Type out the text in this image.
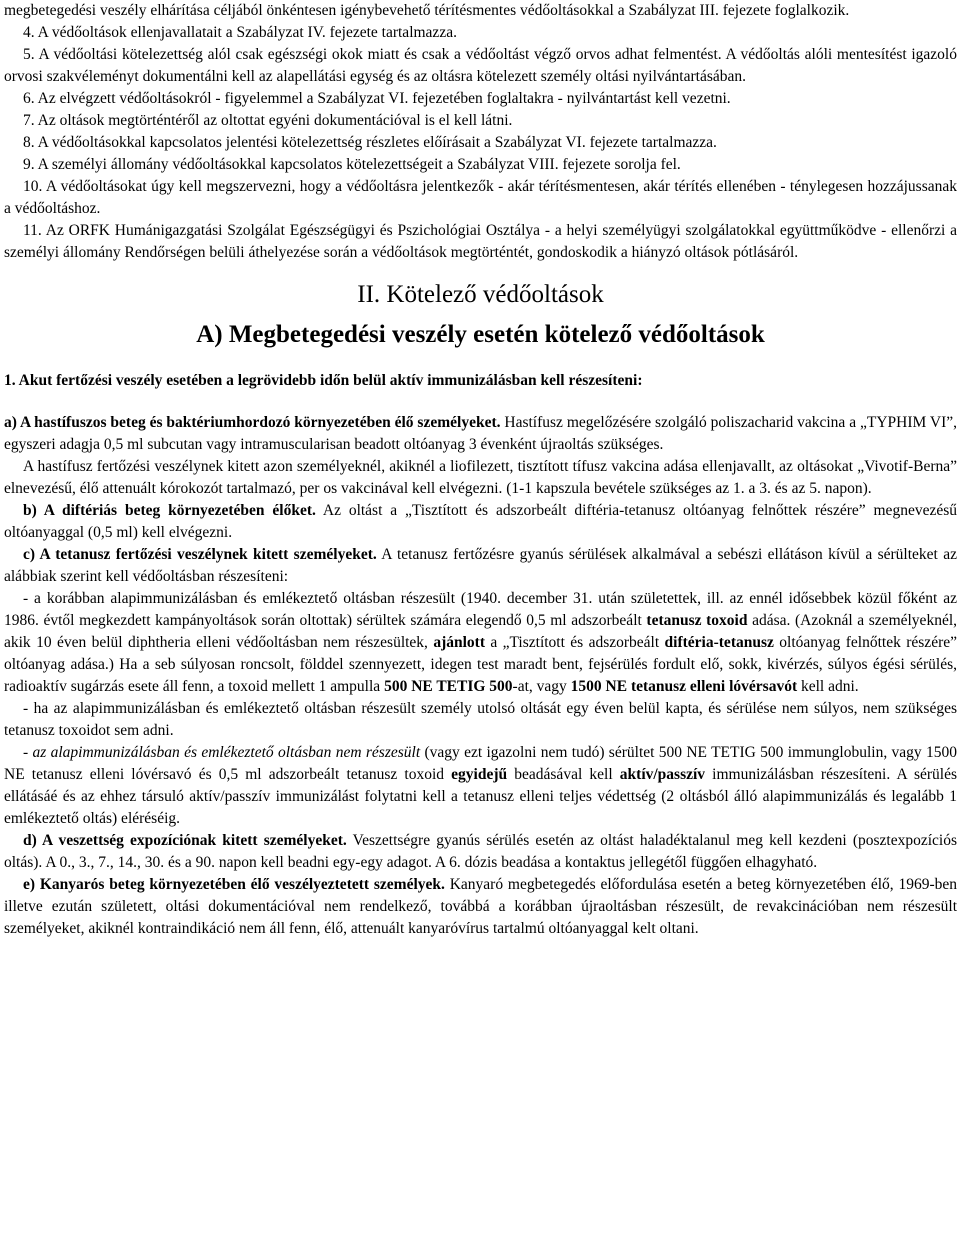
megbetegedési veszély elhárítása céljából önkéntesen igénybevehető térítésmentes védőoltásokkal a Szabályzat III. fejezete foglalkozik.

4. A védőoltások ellenjavallatait a Szabályzat IV. fejezete tartalmazza.

5. A védőoltási kötelezettség alól csak egészségi okok miatt és csak a védőoltást végző orvos adhat felmentést. A védőoltás alóli mentesítést igazoló orvosi szakvéleményt dokumentálni kell az alapellátási egység és az oltásra kötelezett személy oltási nyilvántartásában.

6. Az elvégzett védőoltásokról - figyelemmel a Szabályzat VI. fejezetében foglaltakra - nyilvántartást kell vezetni.

7. Az oltások megtörténtéről az oltottat egyéni dokumentációval is el kell látni.

8. A védőoltásokkal kapcsolatos jelentési kötelezettség részletes előírásait a Szabályzat VI. fejezete tartalmazza.

9. A személyi állomány védőoltásokkal kapcsolatos kötelezettségeit a Szabályzat VIII. fejezete sorolja fel.

10. A védőoltásokat úgy kell megszervezni, hogy a védőoltásra jelentkezők - akár térítésmentesen, akár térítés ellenében - ténylegesen hozzájussanak a védőoltáshoz.

11. Az ORFK Humánigazgatási Szolgálat Egészségügyi és Pszichológiai Osztálya - a helyi személyügyi szolgálatokkal együttműködve - ellenőrzi a személyi állomány Rendőrségen belüli áthelyezése során a védőoltások megtörténtét, gondoskodik a hiányzó oltások pótlásáról.

II. Kötelező védőoltások
A) Megbetegedési veszély esetén kötelező védőoltások

1. Akut fertőzési veszély esetében a legrövidebb időn belül aktív immunizálásban kell részesíteni:

a) A hastífuszos beteg és baktériumhordozó környezetében élő személyeket. Hastífusz megelőzésére szolgáló poliszacharid vakcina a „TYPHIM VI”, egyszeri adagja 0,5 ml subcutan vagy intramuscularisan beadott oltóanyag 3 évenként újraoltás szükséges.

A hastífusz fertőzési veszélynek kitett azon személyeknél, akiknél a liofilezett, tisztított tífusz vakcina adása ellenjavallt, az oltásokat „Vivotif-Berna” elnevezésű, élő attenuált kórokozót tartalmazó, per os vakcinával kell elvégezni. (1-1 kapszula bevétele szükséges az 1. a 3. és az 5. napon).

b) A diftériás beteg környezetében élőket. Az oltást a „Tisztított és adszorbeált diftéria-tetanusz oltóanyag felnőttek részére” megnevezésű oltóanyaggal (0,5 ml) kell elvégezni.

c) A tetanusz fertőzési veszélynek kitett személyeket. A tetanusz fertőzésre gyanús sérülések alkalmával a sebészi ellátáson kívül a sérülteket az alábbiak szerint kell védőoltásban részesíteni:

- a korábban alapimmunizálásban és emlékeztető oltásban részesült (1940. december 31. után születettek, ill. az ennél idősebbek közül főként az 1986. évtől megkezdett kampányoltások során oltottak) sérültek számára elegendő 0,5 ml adszorbeált tetanusz toxoid adása. (Azoknál a személyeknél, akik 10 éven belül diphtheria elleni védőoltásban nem részesültek, ajánlott a „Tisztított és adszorbeált diftéria-tetanusz oltóanyag felnőttek részére” oltóanyag adása.) Ha a seb súlyosan roncsolt, földdel szennyezett, idegen test maradt bent, fejsérülés fordult elő, sokk, kivérzés, súlyos égési sérülés, radioaktív sugárzás esete áll fenn, a toxoid mellett 1 ampulla 500 NE TETIG 500-at, vagy 1500 NE tetanusz elleni lóvérsavót kell adni.

- ha az alapimmunizálásban és emlékeztető oltásban részesült személy utolsó oltását egy éven belül kapta, és sérülése nem súlyos, nem szükséges tetanusz toxoidot sem adni.

- az alapimmunizálásban és emlékeztető oltásban nem részesült (vagy ezt igazolni nem tudó) sérültet 500 NE TETIG 500 immunglobulin, vagy 1500 NE tetanusz elleni lóvérsavó és 0,5 ml adszorbeált tetanusz toxoid egyidejű beadásával kell aktív/passzív immunizálásban részesíteni. A sérülés ellátásáé és az ehhez társuló aktív/passzív immunizálást folytatni kell a tetanusz elleni teljes védettség (2 oltásból álló alapimmunizálás és legalább 1 emlékeztető oltás) eléréséig.

d) A veszettség expozíciónak kitett személyeket. Veszettségre gyanús sérülés esetén az oltást haladéktalanul meg kell kezdeni (posztexpozíciós oltás). A 0., 3., 7., 14., 30. és a 90. napon kell beadni egy-egy adagot. A 6. dózis beadása a kontaktus jellegétől függően elhagyható.

e) Kanyarós beteg környezetében élő veszélyeztetett személyek. Kanyaró megbetegedés előfordulása esetén a beteg környezetében élő, 1969-ben illetve ezután született, oltási dokumentációval nem rendelkező, továbbá a korábban újraoltásban részesült, de revakcinációban nem részesült személyeket, akiknél kontraindikáció nem áll fenn, élő, attenuált kanyaróvírus tartalmú oltóanyaggal kelt oltani.
